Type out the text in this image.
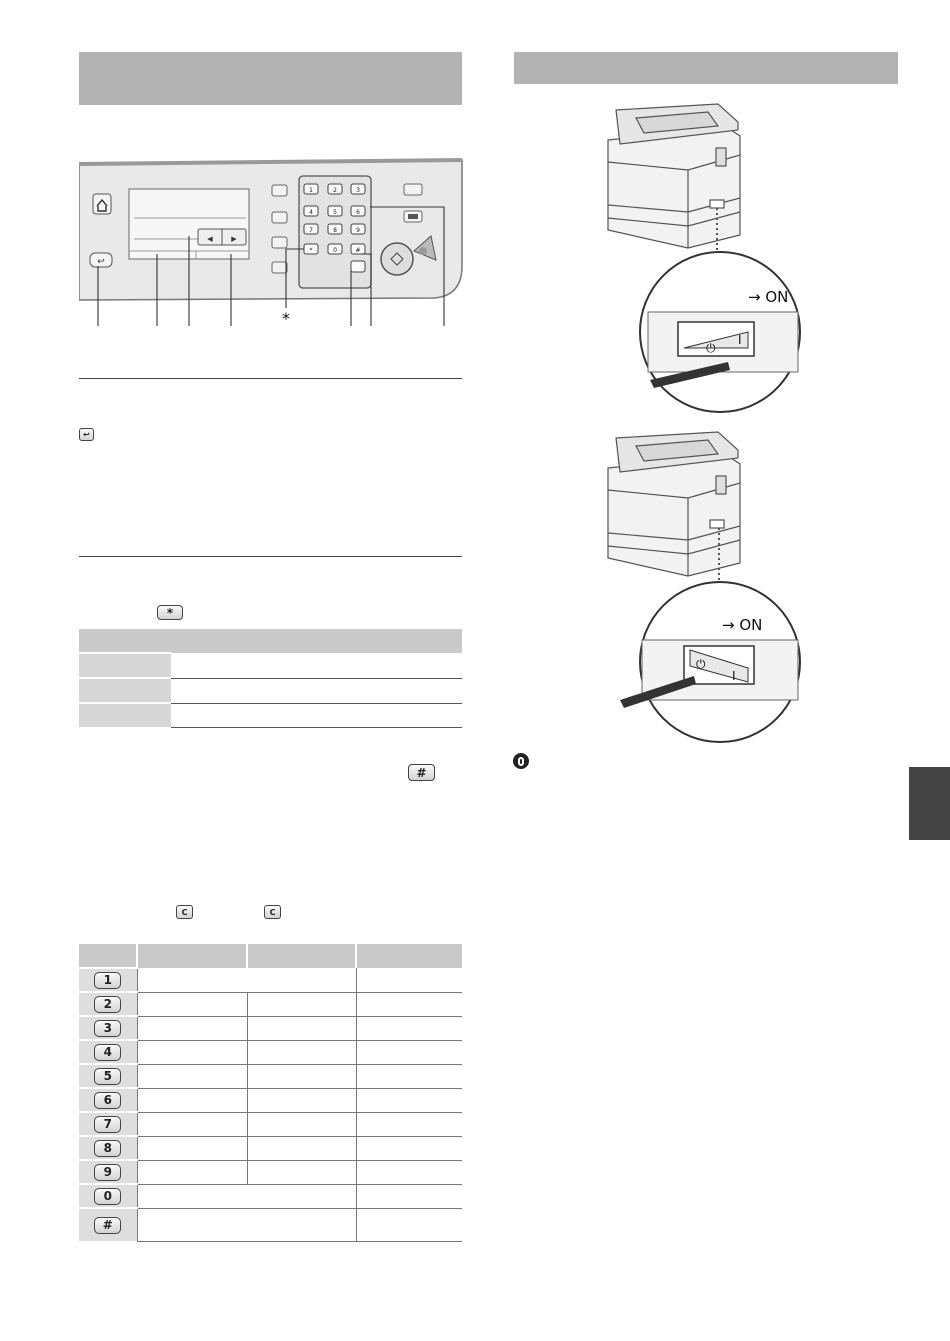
↩
◀	▶
1	2	3
4	5	6
7	8	9
*	0	#
*
↩
*

#
C	C

1			
2			
3			
4			
5			
6			
7			
8			
9			
0			
#			
→ ON
⏻
I
→ ON
⏻
I
